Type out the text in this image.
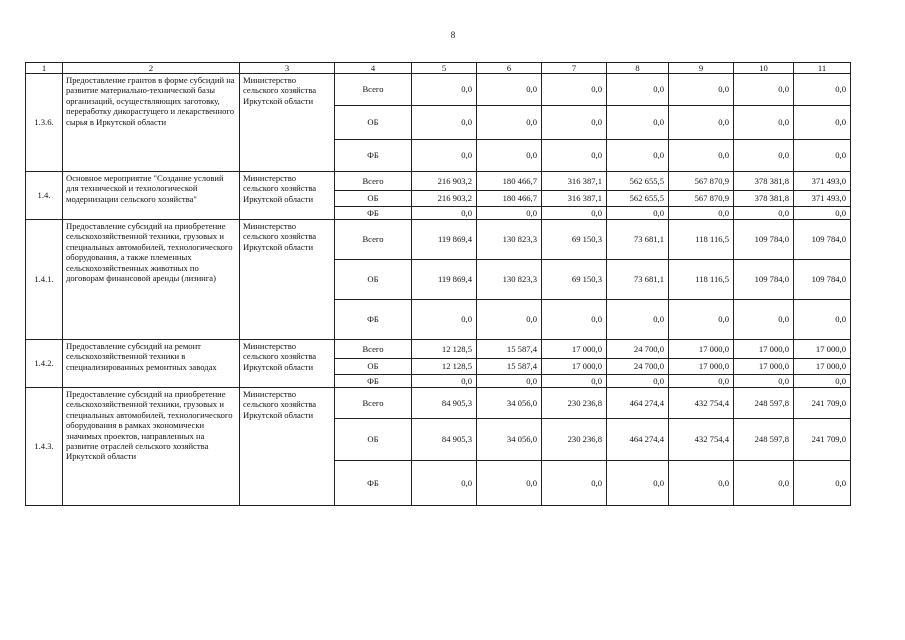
8
1	2	3	4	5	6	7	8	9	10	11
1.3.6.	Предоставление грантов в форме субсидий на развитие материально-технической базы организаций, осуществляющих заготовку, переработку дикорастущего и лекарственного сырья в Иркутской области	Министерство сельского хозяйства Иркутской области	Всего	0,0	0,0	0,0	0,0	0,0	0,0	0,0
			ОБ	0,0	0,0	0,0	0,0	0,0	0,0	0,0
			ФБ	0,0	0,0	0,0	0,0	0,0	0,0	0,0
1.4.	Основное мероприятие "Создание условий для технической и технологической модернизации сельского хозяйства"	Министерство сельского хозяйства Иркутской области	Всего	216 903,2	180 466,7	316 387,1	562 655,5	567 870,9	378 381,8	371 493,0
			ОБ	216 903,2	180 466,7	316 387,1	562 655,5	567 870,9	378 381,8	371 493,0
			ФБ	0,0	0,0	0,0	0,0	0,0	0,0	0,0
1.4.1.	Предоставление субсидий на приобретение сельскохозяйственной техники, грузовых и специальных автомобилей, технологического оборудования, а также племенных сельскохозяйственных животных по договорам финансовой аренды (лизинга)	Министерство сельского хозяйства Иркутской области	Всего	119 869,4	130 823,3	69 150,3	73 681,1	118 116,5	109 784,0	109 784,0
			ОБ	119 869,4	130 823,3	69 150,3	73 681,1	118 116,5	109 784,0	109 784,0
			ФБ	0,0	0,0	0,0	0,0	0,0	0,0	0,0
1.4.2.	Предоставление субсидий на ремонт сельскохозяйственной техники в специализированных ремонтных заводах	Министерство сельского хозяйства Иркутской области	Всего	12 128,5	15 587,4	17 000,0	24 700,0	17 000,0	17 000,0	17 000,0
			ОБ	12 128,5	15 587,4	17 000,0	24 700,0	17 000,0	17 000,0	17 000,0
			ФБ	0,0	0,0	0,0	0,0	0,0	0,0	0,0
1.4.3.	Предоставление субсидий на приобретение сельскохозяйственной техники, грузовых и специальных автомобилей, технологического оборудования в рамках экономически значимых проектов, направленных на развитие отраслей сельского хозяйства Иркутской области	Министерство сельского хозяйства Иркутской области	Всего	84 905,3	34 056,0	230 236,8	464 274,4	432 754,4	248 597,8	241 709,0
			ОБ	84 905,3	34 056,0	230 236,8	464 274,4	432 754,4	248 597,8	241 709,0
			ФБ	0,0	0,0	0,0	0,0	0,0	0,0	0,0
